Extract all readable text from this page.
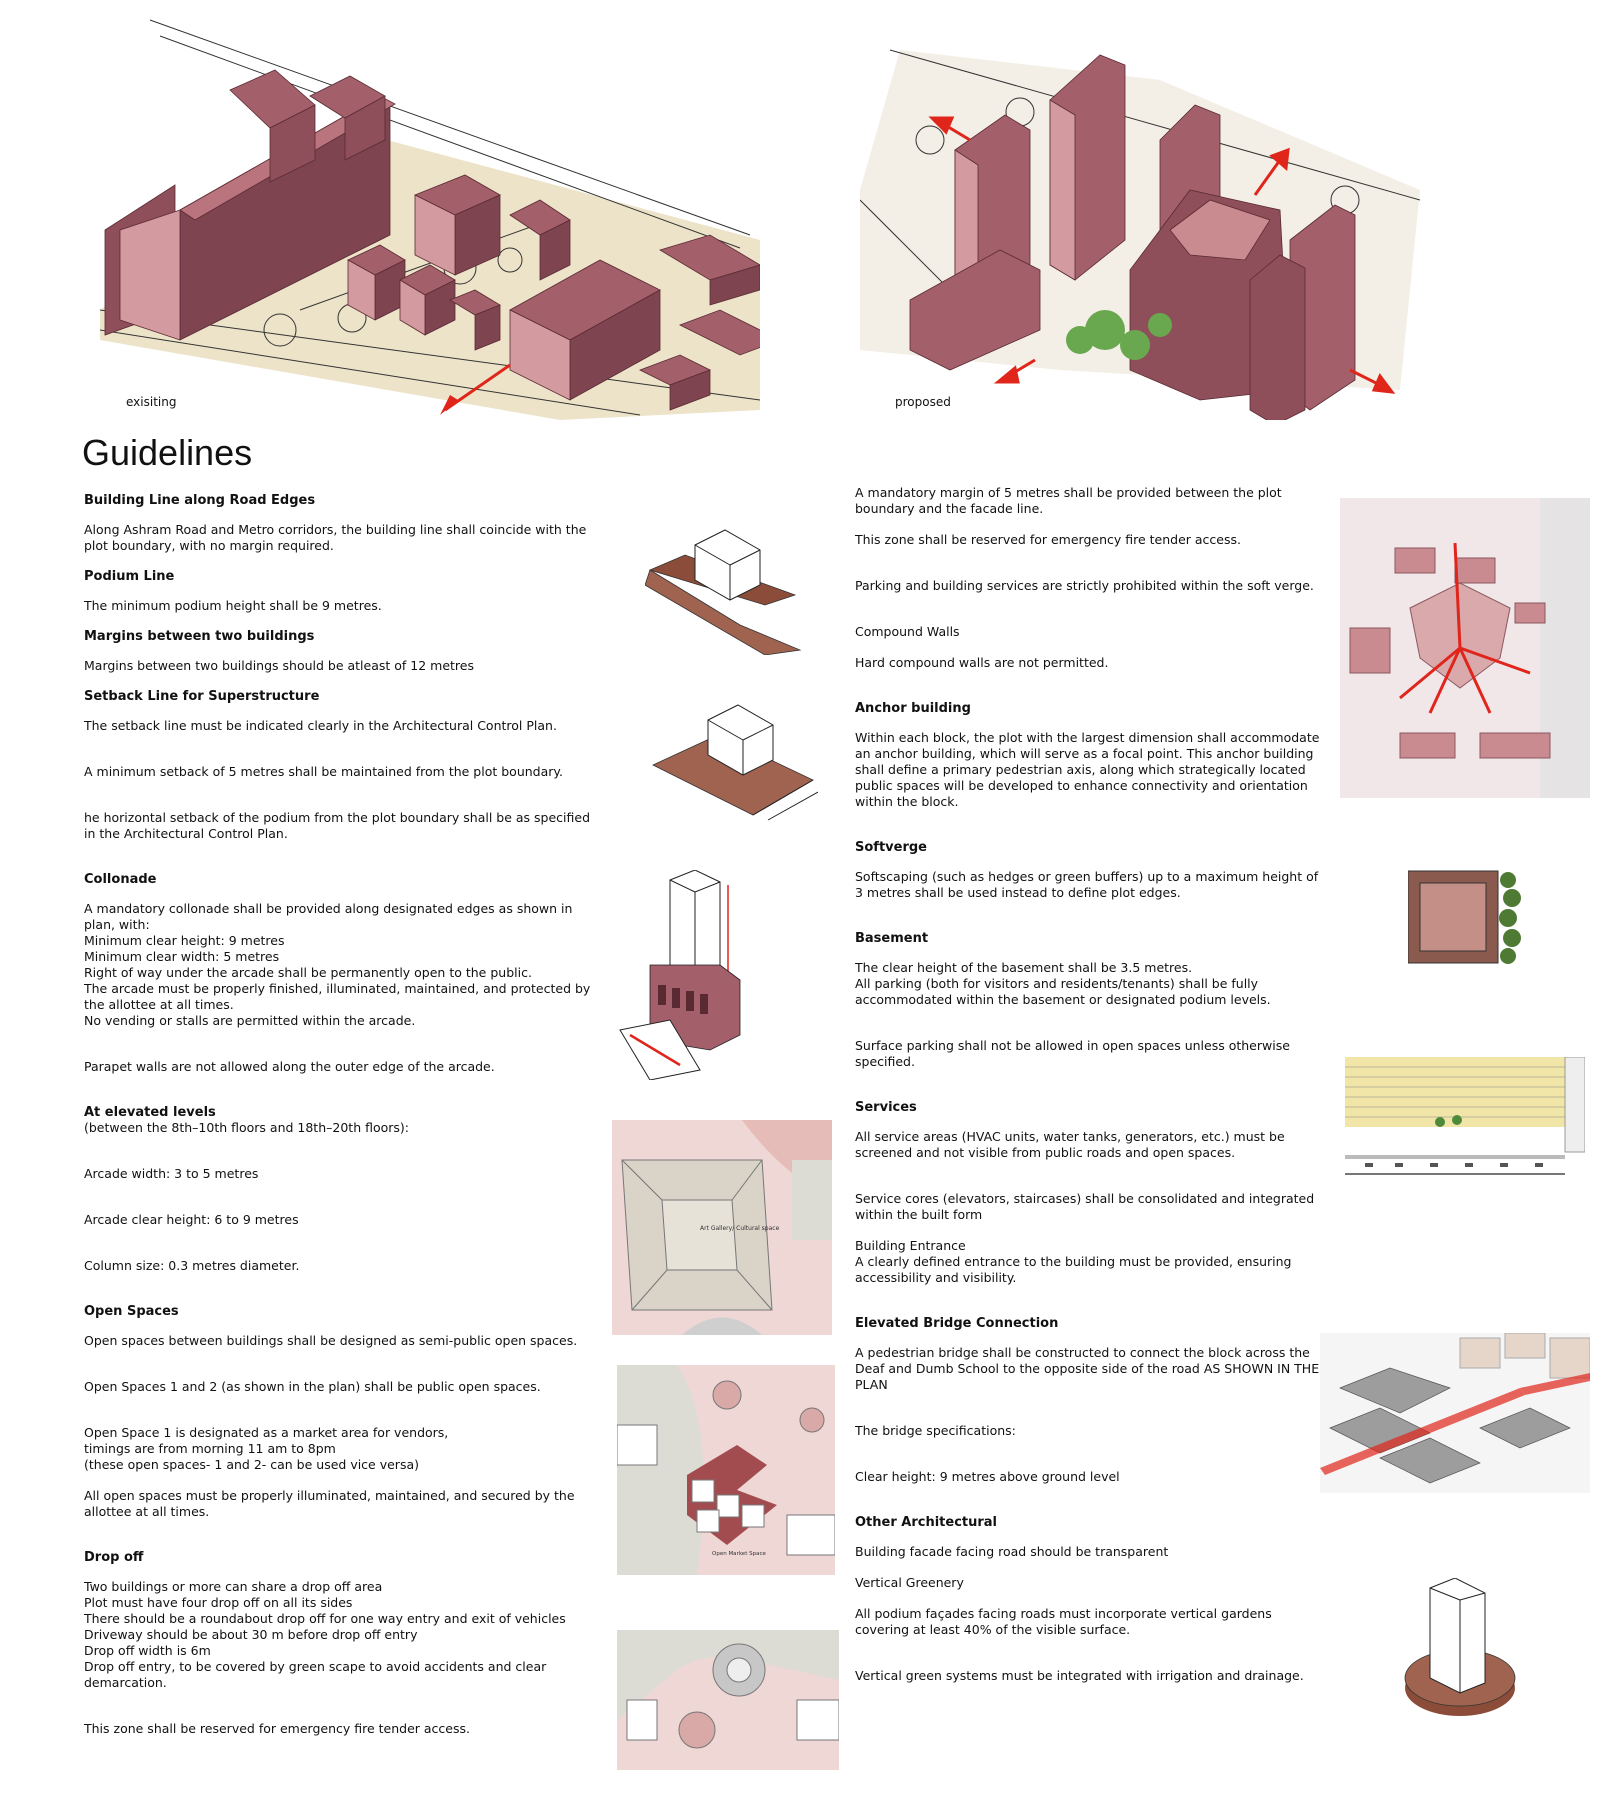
exisiting	proposed
Guidelines
Building Line along Road Edges

Along Ashram Road and Metro corridors, the building line shall coincide with the plot boundary, with no margin required.

Podium Line

The minimum podium height shall be 9 metres.

Margins between two buildings

Margins between two buildings should be atleast of 12 metres

Setback Line for Superstructure

The setback line must be indicated clearly in the Architectural Control Plan.

A minimum setback of 5 metres shall be maintained from the plot boundary.

he horizontal setback of the podium from the plot boundary shall be as specified in the Architectural Control Plan.

Collonade

A mandatory collonade shall be provided along designated edges as shown in plan, with:
Minimum clear height: 9 metres
Minimum clear width: 5 metres
Right of way under the arcade shall be permanently open to the public.
The arcade must be properly finished, illuminated, maintained, and protected by the allottee at all times.
No vending or stalls are permitted within the arcade.

Parapet walls are not allowed along the outer edge of the arcade.

At elevated levels

(between the 8th–10th floors and 18th–20th floors):

Arcade width: 3 to 5 metres

Arcade clear height: 6 to 9 metres

Column size: 0.3 metres diameter.

Open Spaces

Open spaces between buildings shall be designed as semi-public open spaces.

Open Spaces 1 and 2 (as shown in the plan) shall be public open spaces.

Open Space 1 is designated as a market area for vendors,
timings are from morning 11 am to 8pm
(these open spaces- 1 and 2- can be used vice versa)

All open spaces must be properly illuminated, maintained, and secured by the allottee at all times.

Drop off

Two buildings or more can share a drop off area
Plot must have four drop off on all its sides
There should be a roundabout drop off for one way entry and exit of vehicles
Driveway should be about 30 m before drop off entry
Drop off width is 6m
Drop off entry, to be covered by green scape to avoid accidents and clear demarcation.

This zone shall be reserved for emergency fire tender access.

Art Gallery/ Cultural space
Open Market Space

A mandatory margin of 5 metres shall be provided between the plot boundary and the facade line.

This zone shall be reserved for emergency fire tender access.

Parking and building services are strictly prohibited within the soft verge.

Compound Walls

Hard compound walls are not permitted.

Anchor building

Within each block, the plot with the largest dimension shall accommodate an anchor building, which will serve as a focal point. This anchor building shall define a primary pedestrian axis, along which strategically located public spaces will be developed to enhance connectivity and orientation within the block.

Softverge

Softscaping (such as hedges or green buffers) up to a maximum height of 3 metres shall be used instead to define plot edges.

Basement

The clear height of the basement shall be 3.5 metres.
All parking (both for visitors and residents/tenants) shall be fully accommodated within the basement or designated podium levels.

Surface parking shall not be allowed in open spaces unless otherwise specified.

Services

All service areas (HVAC units, water tanks, generators, etc.) must be screened and not visible from public roads and open spaces.

Service cores (elevators, staircases) shall be consolidated and integrated within the built form

Building Entrance
A clearly defined entrance to the building must be provided, ensuring accessibility and visibility.

Elevated Bridge Connection

A pedestrian bridge shall be constructed to connect the block across the Deaf and Dumb School to the opposite side of the road AS SHOWN IN THE PLAN

The bridge specifications:

Clear height: 9 metres above ground level

Other Architectural

Building facade facing road should be transparent

Vertical Greenery

All podium façades facing roads must incorporate vertical gardens covering at least 40% of the visible surface.

Vertical green systems must be integrated with irrigation and drainage.
